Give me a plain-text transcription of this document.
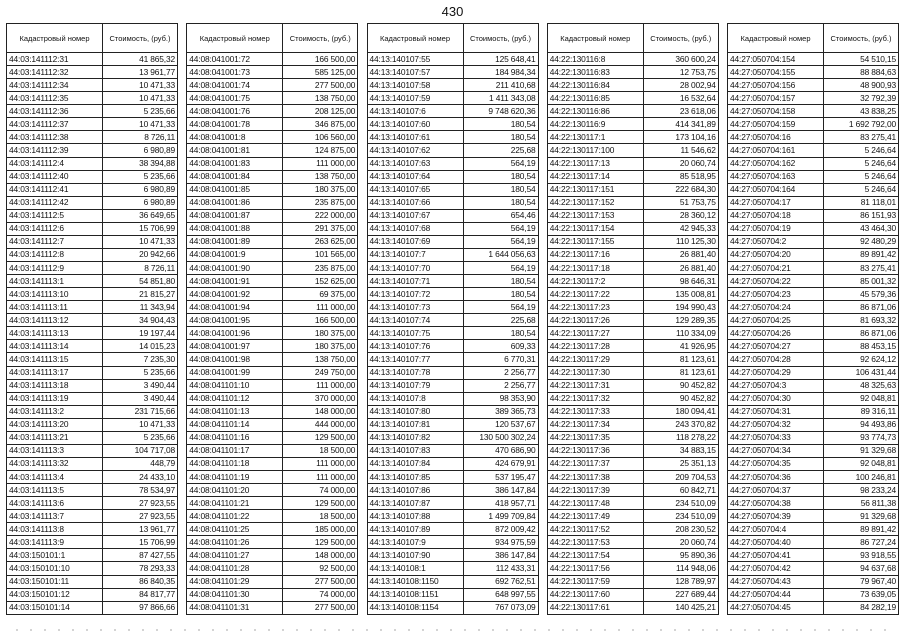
430
Кадастровый номер	Стоимость, (руб.)
44:03:141112:31	41 865,32
44:03:141112:32	13 961,77
44:03:141112:34	10 471,33
44:03:141112:35	10 471,33
44:03:141112:36	5 235,66
44:03:141112:37	10 471,33
44:03:141112:38	8 726,11
44:03:141112:39	6 980,89
44:03:141112:4	38 394,88
44:03:141112:40	5 235,66
44:03:141112:41	6 980,89
44:03:141112:42	6 980,89
44:03:141112:5	36 649,65
44:03:141112:6	15 706,99
44:03:141112:7	10 471,33
44:03:141112:8	20 942,66
44:03:141112:9	8 726,11
44:03:141113:1	54 851,80
44:03:141113:10	21 815,27
44:03:141113:11	11 343,94
44:03:141113:12	34 904,43
44:03:141113:13	19 197,44
44:03:141113:14	14 015,23
44:03:141113:15	7 235,30
44:03:141113:17	5 235,66
44:03:141113:18	3 490,44
44:03:141113:19	3 490,44
44:03:141113:2	231 715,66
44:03:141113:20	10 471,33
44:03:141113:21	5 235,66
44:03:141113:3	104 717,08
44:03:141113:32	448,79
44:03:141113:4	24 433,10
44:03:141113:5	78 534,97
44:03:141113:6	27 923,55
44:03:141113:7	27 923,55
44:03:141113:8	13 961,77
44:03:141113:9	15 706,99
44:03:150101:1	87 427,55
44:03:150101:10	78 293,33
44:03:150101:11	86 840,35
44:03:150101:12	84 817,77
44:03:150101:14	97 866,66
Кадастровый номер	Стоимость, (руб.)
44:08:041001:72	166 500,00
44:08:041001:73	585 125,00
44:08:041001:74	277 500,00
44:08:041001:75	138 750,00
44:08:041001:76	208 125,00
44:08:041001:78	346 875,00
44:08:041001:8	106 560,00
44:08:041001:81	124 875,00
44:08:041001:83	111 000,00
44:08:041001:84	138 750,00
44:08:041001:85	180 375,00
44:08:041001:86	235 875,00
44:08:041001:87	222 000,00
44:08:041001:88	291 375,00
44:08:041001:89	263 625,00
44:08:041001:9	101 565,00
44:08:041001:90	235 875,00
44:08:041001:91	152 625,00
44:08:041001:92	69 375,00
44:08:041001:94	111 000,00
44:08:041001:95	166 500,00
44:08:041001:96	180 375,00
44:08:041001:97	180 375,00
44:08:041001:98	138 750,00
44:08:041001:99	249 750,00
44:08:041101:10	111 000,00
44:08:041101:12	370 000,00
44:08:041101:13	148 000,00
44:08:041101:14	444 000,00
44:08:041101:16	129 500,00
44:08:041101:17	18 500,00
44:08:041101:18	111 000,00
44:08:041101:19	111 000,00
44:08:041101:20	74 000,00
44:08:041101:21	129 500,00
44:08:041101:22	18 500,00
44:08:041101:25	185 000,00
44:08:041101:26	129 500,00
44:08:041101:27	148 000,00
44:08:041101:28	92 500,00
44:08:041101:29	277 500,00
44:08:041101:30	74 000,00
44:08:041101:31	277 500,00
Кадастровый номер	Стоимость, (руб.)
44:13:140107:55	125 648,41
44:13:140107:57	184 984,34
44:13:140107:58	211 410,68
44:13:140107:59	1 411 343,08
44:13:140107:6	9 748 620,36
44:13:140107:60	180,54
44:13:140107:61	180,54
44:13:140107:62	225,68
44:13:140107:63	564,19
44:13:140107:64	180,54
44:13:140107:65	180,54
44:13:140107:66	180,54
44:13:140107:67	654,46
44:13:140107:68	564,19
44:13:140107:69	564,19
44:13:140107:7	1 644 056,63
44:13:140107:70	564,19
44:13:140107:71	180,54
44:13:140107:72	180,54
44:13:140107:73	564,19
44:13:140107:74	225,68
44:13:140107:75	180,54
44:13:140107:76	609,33
44:13:140107:77	6 770,31
44:13:140107:78	2 256,77
44:13:140107:79	2 256,77
44:13:140107:8	98 353,90
44:13:140107:80	389 365,73
44:13:140107:81	120 537,67
44:13:140107:82	130 500 302,24
44:13:140107:83	470 686,90
44:13:140107:84	424 679,91
44:13:140107:85	537 195,47
44:13:140107:86	386 147,84
44:13:140107:87	418 957,71
44:13:140107:88	1 499 709,84
44:13:140107:89	872 009,42
44:13:140107:9	934 975,59
44:13:140107:90	386 147,84
44:13:140108:1	112 433,31
44:13:140108:1150	692 762,51
44:13:140108:1151	648 997,55
44:13:140108:1154	767 073,09
Кадастровый номер	Стоимость, (руб.)
44:22:130116:8	360 600,24
44:22:130116:83	12 753,75
44:22:130116:84	28 002,94
44:22:130116:85	16 532,64
44:22:130116:86	23 618,06
44:22:130116:9	414 341,89
44:22:130117:1	173 104,16
44:22:130117:100	11 546,62
44:22:130117:13	20 060,74
44:22:130117:14	85 518,95
44:22:130117:151	222 684,30
44:22:130117:152	51 753,75
44:22:130117:153	28 360,12
44:22:130117:154	42 945,33
44:22:130117:155	110 125,30
44:22:130117:16	26 881,40
44:22:130117:18	26 881,40
44:22:130117:2	98 646,31
44:22:130117:22	135 008,81
44:22:130117:23	194 990,43
44:22:130117:26	129 289,35
44:22:130117:27	110 334,09
44:22:130117:28	41 926,95
44:22:130117:29	81 123,61
44:22:130117:30	81 123,61
44:22:130117:31	90 452,82
44:22:130117:32	90 452,82
44:22:130117:33	180 094,41
44:22:130117:34	243 370,82
44:22:130117:35	118 278,22
44:22:130117:36	34 883,15
44:22:130117:37	25 351,13
44:22:130117:38	209 704,53
44:22:130117:39	60 842,71
44:22:130117:48	234 510,09
44:22:130117:49	234 510,09
44:22:130117:52	208 230,52
44:22:130117:53	20 060,74
44:22:130117:54	95 890,36
44:22:130117:56	114 948,06
44:22:130117:59	128 789,97
44:22:130117:60	227 689,44
44:22:130117:61	140 425,21
Кадастровый номер	Стоимость, (руб.)
44:27:050704:154	54 510,15
44:27:050704:155	88 884,63
44:27:050704:156	48 900,93
44:27:050704:157	32 792,39
44:27:050704:158	43 838,25
44:27:050704:159	1 692 792,00
44:27:050704:16	83 275,41
44:27:050704:161	5 246,64
44:27:050704:162	5 246,64
44:27:050704:163	5 246,64
44:27:050704:164	5 246,64
44:27:050704:17	81 118,01
44:27:050704:18	86 151,93
44:27:050704:19	43 464,30
44:27:050704:2	92 480,29
44:27:050704:20	89 891,42
44:27:050704:21	83 275,41
44:27:050704:22	85 001,32
44:27:050704:23	45 579,36
44:27:050704:24	86 871,06
44:27:050704:25	81 693,32
44:27:050704:26	86 871,06
44:27:050704:27	88 453,15
44:27:050704:28	92 624,12
44:27:050704:29	106 431,44
44:27:050704:3	48 325,63
44:27:050704:30	92 048,81
44:27:050704:31	89 316,11
44:27:050704:32	94 493,86
44:27:050704:33	93 774,73
44:27:050704:34	91 329,68
44:27:050704:35	92 048,81
44:27:050704:36	100 246,81
44:27:050704:37	98 233,24
44:27:050704:38	56 811,38
44:27:050704:39	91 329,68
44:27:050704:4	89 891,42
44:27:050704:40	86 727,24
44:27:050704:41	93 918,55
44:27:050704:42	94 637,68
44:27:050704:43	79 967,40
44:27:050704:44	73 639,05
44:27:050704:45	84 282,19
